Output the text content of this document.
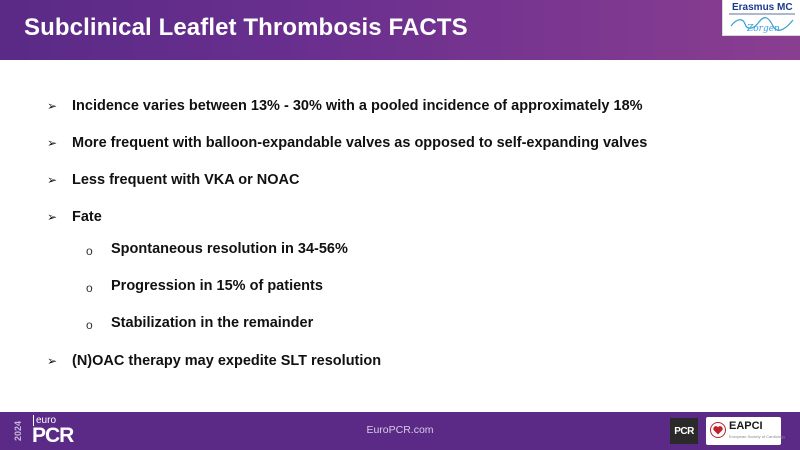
Subclinical Leaflet Thrombosis FACTS
Erasmus MC
Zorgen
➢	Incidence varies between 13% - 30% with a pooled incidence of approximately 18%
➢	More frequent with balloon-expandable valves as opposed to self-expanding valves
➢	Less frequent with VKA or NOAC
➢	Fate
o	Spontaneous resolution in 34-56%
o	Progression in 15% of patients
o	Stabilization in the remainder
➢	(N)OAC therapy may expedite SLT resolution
2024
euro
PCR	EuroPCR.com	PCR	EAPCI
European Society of Cardiology
